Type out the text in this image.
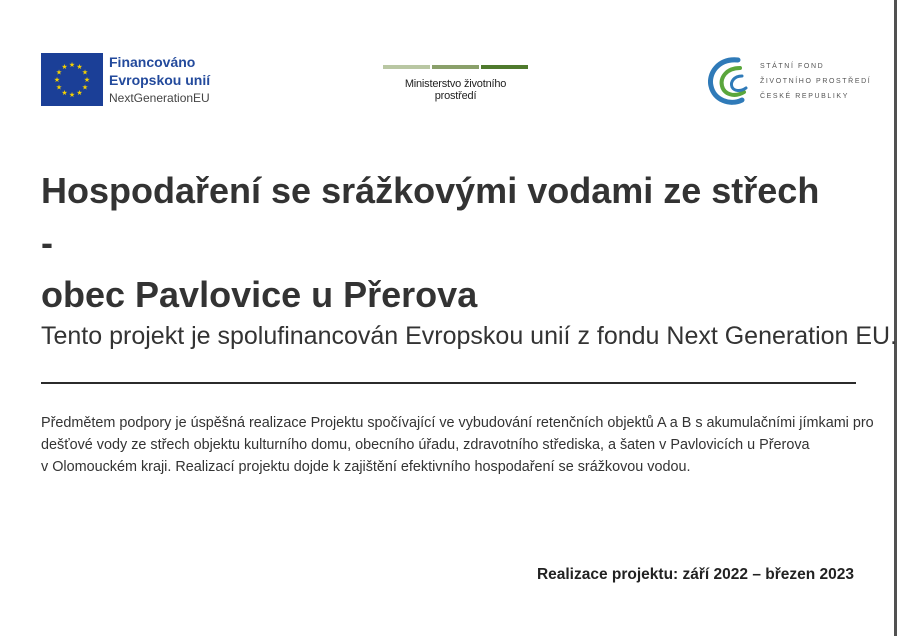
★
★
★
★
★
★
★
★
★ ★ ★
★
Financováno
Evropskou unií
NextGenerationEU
Ministerstvo životního prostředí
STÁTNÍ FOND
ŽIVOTNÍHO PROSTŘEDÍ
ČESKÉ REPUBLIKY
Hospodaření se srážkovými vodami ze střech -
obec Pavlovice u Přerova

Tento projekt je spolufinancován Evropskou unií z fondu Next Generation EU.

Předmětem podpory je úspěšná realizace Projektu spočívající ve vybudování retenčních objektů A a B s akumulačními jímkami pro
dešťové vody ze střech objektu kulturního domu, obecního úřadu, zdravotního střediska, a šaten v Pavlovicích u Přerova
v Olomouckém kraji. Realizací projektu dojde k zajištění efektivního hospodaření se srážkovou vodou.

Realizace projektu: září 2022 – březen 2023
